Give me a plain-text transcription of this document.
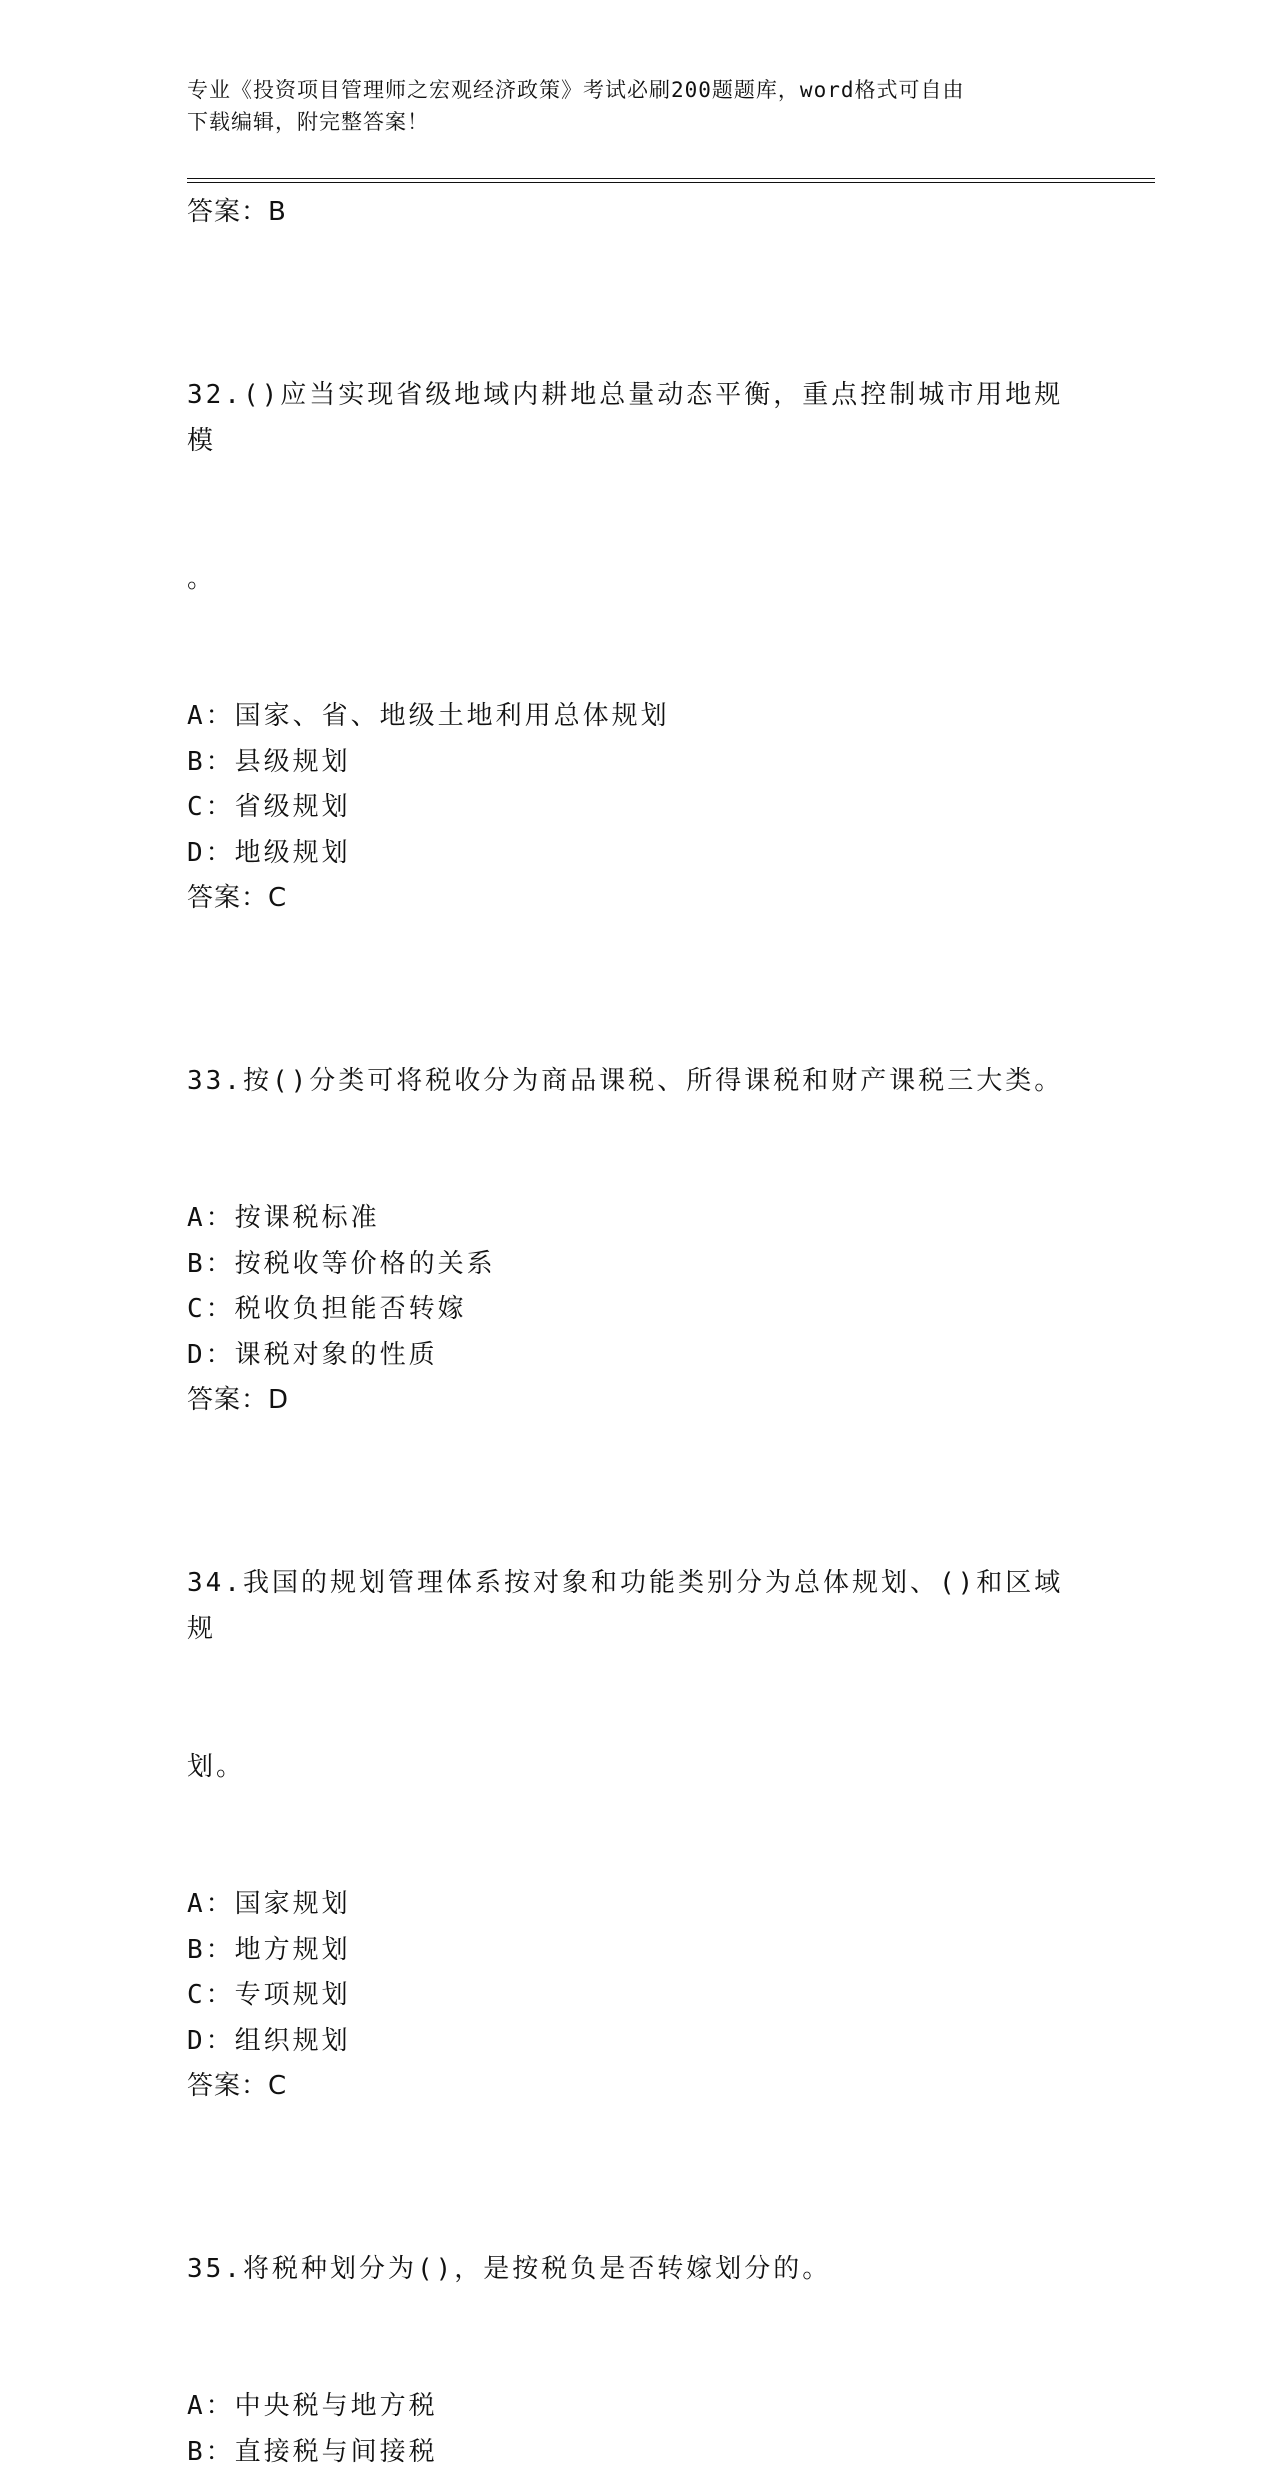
专业《投资项目管理师之宏观经济政策》考试必刷200题题库，word格式可自由
下载编辑，附完整答案！
答案：B

32.()应当实现省级地域内耕地总量动态平衡，重点控制城市用地规模

。

A：国家、省、地级土地利用总体规划
B：县级规划
C：省级规划
D：地级规划
答案：C

33.按()分类可将税收分为商品课税、所得课税和财产课税三大类。

A：按课税标准
B：按税收等价格的关系
C：税收负担能否转嫁
D：课税对象的性质
答案：D

34.我国的规划管理体系按对象和功能类别分为总体规划、()和区域规

划。

A：国家规划
B：地方规划
C：专项规划
D：组织规划
答案：C

35.将税种划分为()，是按税负是否转嫁划分的。

A：中央税与地方税
B：直接税与间接税
